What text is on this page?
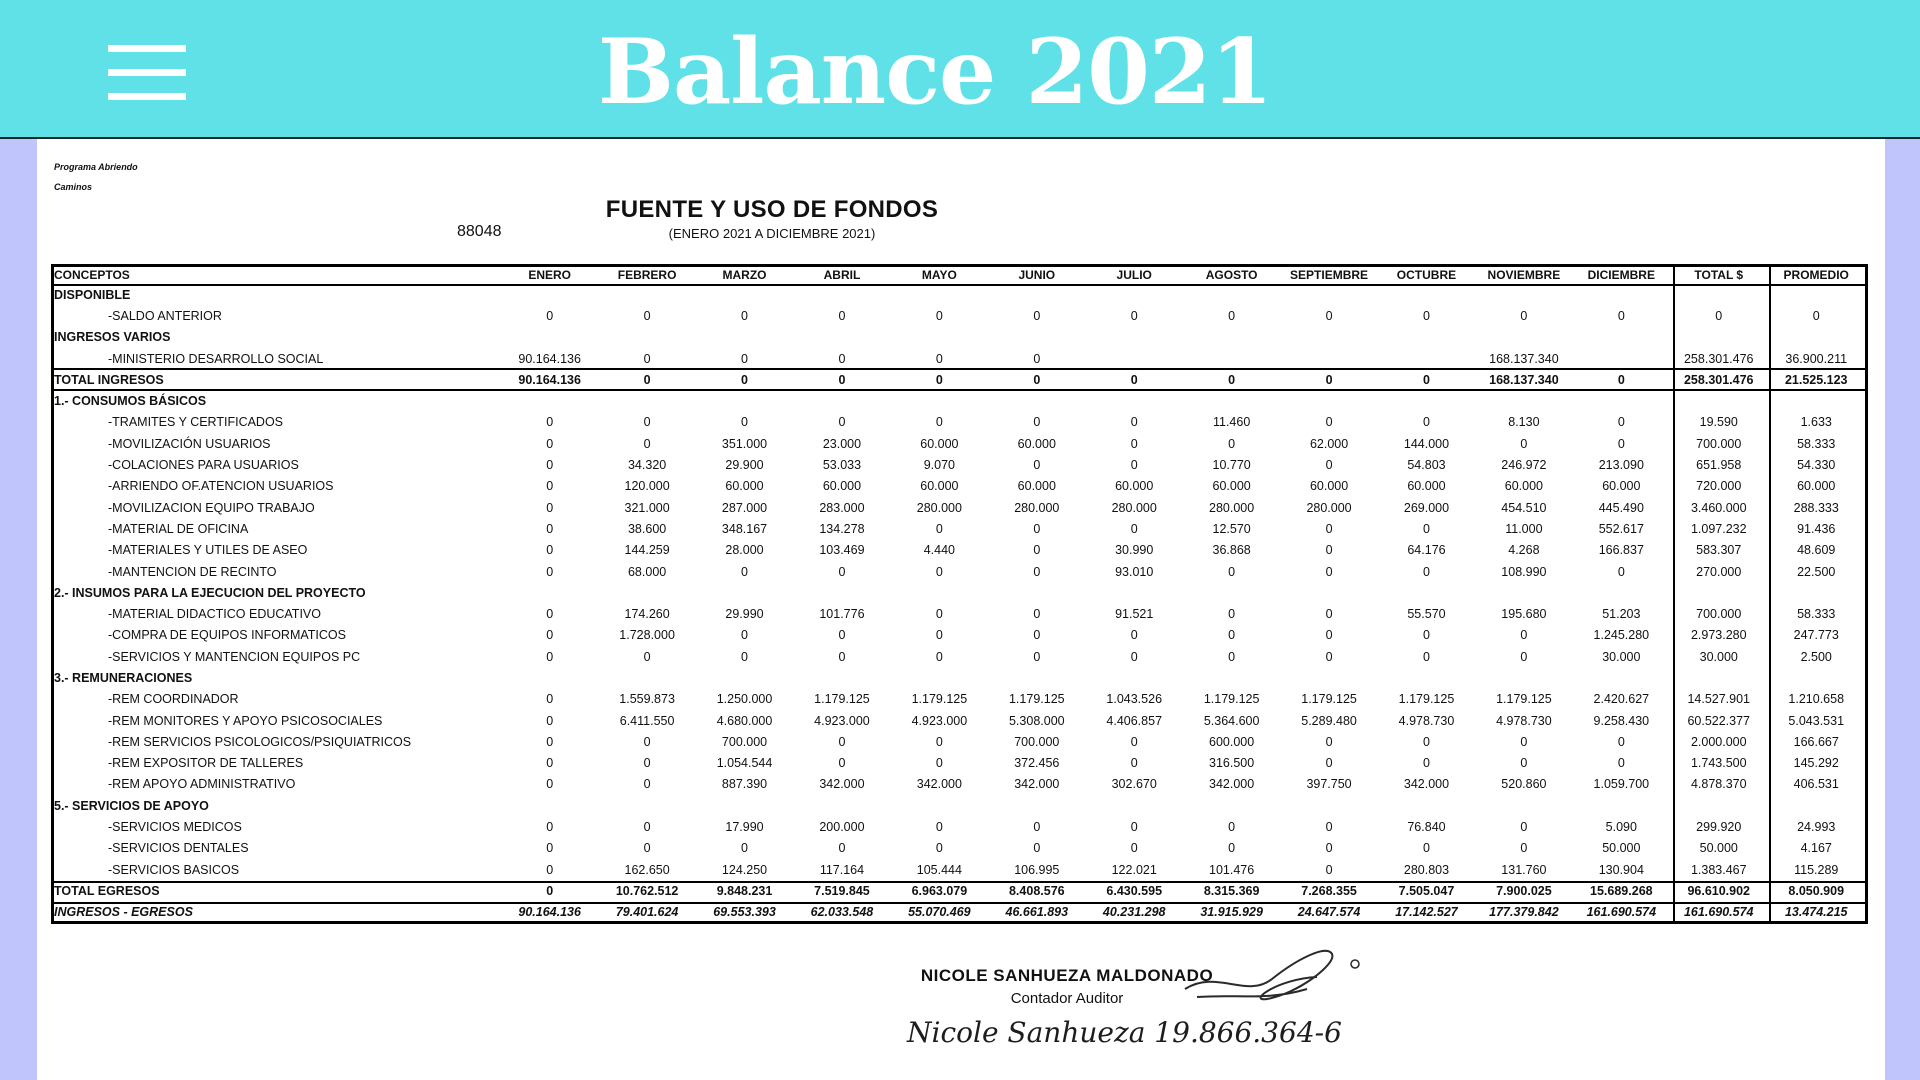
Balance 2021
Programa Abriendo
Caminos
FUENTE Y USO DE FONDOS
88048	(ENERO 2021 A DICIEMBRE 2021)
CONCEPTOS	ENERO	FEBRERO	MARZO	ABRIL	MAYO	JUNIO	JULIO	AGOSTO	SEPTIEMBRE	OCTUBRE	NOVIEMBRE	DICIEMBRE	TOTAL $	PROMEDIO
DISPONIBLE														
-SALDO ANTERIOR	0	0	0	0	0	0	0	0	0	0	0	0	0	0
INGRESOS VARIOS														
-MINISTERIO DESARROLLO SOCIAL	90.164.136	0	0	0	0	0					168.137.340		258.301.476	36.900.211
TOTAL INGRESOS	90.164.136	0	0	0	0	0	0	0	0	0	168.137.340	0	258.301.476	21.525.123
1.- CONSUMOS BÁSICOS														
-TRAMITES Y CERTIFICADOS	0	0	0	0	0	0	0	11.460	0	0	8.130	0	19.590	1.633
-MOVILIZACIÓN USUARIOS	0	0	351.000	23.000	60.000	60.000	0	0	62.000	144.000	0	0	700.000	58.333
-COLACIONES PARA USUARIOS	0	34.320	29.900	53.033	9.070	0	0	10.770	0	54.803	246.972	213.090	651.958	54.330
-ARRIENDO OF.ATENCION USUARIOS	0	120.000	60.000	60.000	60.000	60.000	60.000	60.000	60.000	60.000	60.000	60.000	720.000	60.000
-MOVILIZACION EQUIPO TRABAJO	0	321.000	287.000	283.000	280.000	280.000	280.000	280.000	280.000	269.000	454.510	445.490	3.460.000	288.333
-MATERIAL DE OFICINA	0	38.600	348.167	134.278	0	0	0	12.570	0	0	11.000	552.617	1.097.232	91.436
-MATERIALES Y UTILES DE ASEO	0	144.259	28.000	103.469	4.440	0	30.990	36.868	0	64.176	4.268	166.837	583.307	48.609
-MANTENCION DE RECINTO	0	68.000	0	0	0	0	93.010	0	0	0	108.990	0	270.000	22.500
2.- INSUMOS PARA LA EJECUCION DEL PROYECTO														
-MATERIAL DIDACTICO EDUCATIVO	0	174.260	29.990	101.776	0	0	91.521	0	0	55.570	195.680	51.203	700.000	58.333
-COMPRA DE EQUIPOS INFORMATICOS	0	1.728.000	0	0	0	0	0	0	0	0	0	1.245.280	2.973.280	247.773
-SERVICIOS Y MANTENCION EQUIPOS PC	0	0	0	0	0	0	0	0	0	0	0	30.000	30.000	2.500
3.- REMUNERACIONES														
-REM COORDINADOR	0	1.559.873	1.250.000	1.179.125	1.179.125	1.179.125	1.043.526	1.179.125	1.179.125	1.179.125	1.179.125	2.420.627	14.527.901	1.210.658
-REM MONITORES Y APOYO PSICOSOCIALES	0	6.411.550	4.680.000	4.923.000	4.923.000	5.308.000	4.406.857	5.364.600	5.289.480	4.978.730	4.978.730	9.258.430	60.522.377	5.043.531
-REM SERVICIOS PSICOLOGICOS/PSIQUIATRICOS	0	0	700.000	0	0	700.000	0	600.000	0	0	0	0	2.000.000	166.667
-REM EXPOSITOR DE TALLERES	0	0	1.054.544	0	0	372.456	0	316.500	0	0	0	0	1.743.500	145.292
-REM APOYO ADMINISTRATIVO	0	0	887.390	342.000	342.000	342.000	302.670	342.000	397.750	342.000	520.860	1.059.700	4.878.370	406.531
5.- SERVICIOS DE APOYO														
-SERVICIOS MEDICOS	0	0	17.990	200.000	0	0	0	0	0	76.840	0	5.090	299.920	24.993
-SERVICIOS DENTALES	0	0	0	0	0	0	0	0	0	0	0	50.000	50.000	4.167
-SERVICIOS BASICOS	0	162.650	124.250	117.164	105.444	106.995	122.021	101.476	0	280.803	131.760	130.904	1.383.467	115.289
TOTAL EGRESOS	0	10.762.512	9.848.231	7.519.845	6.963.079	8.408.576	6.430.595	8.315.369	7.268.355	7.505.047	7.900.025	15.689.268	96.610.902	8.050.909
INGRESOS - EGRESOS	90.164.136	79.401.624	69.553.393	62.033.548	55.070.469	46.661.893	40.231.298	31.915.929	24.647.574	17.142.527	177.379.842	161.690.574	161.690.574	13.474.215
NICOLE SANHUEZA MALDONADO
Contador Auditor
Nicole Sanhueza 19.866.364-6
